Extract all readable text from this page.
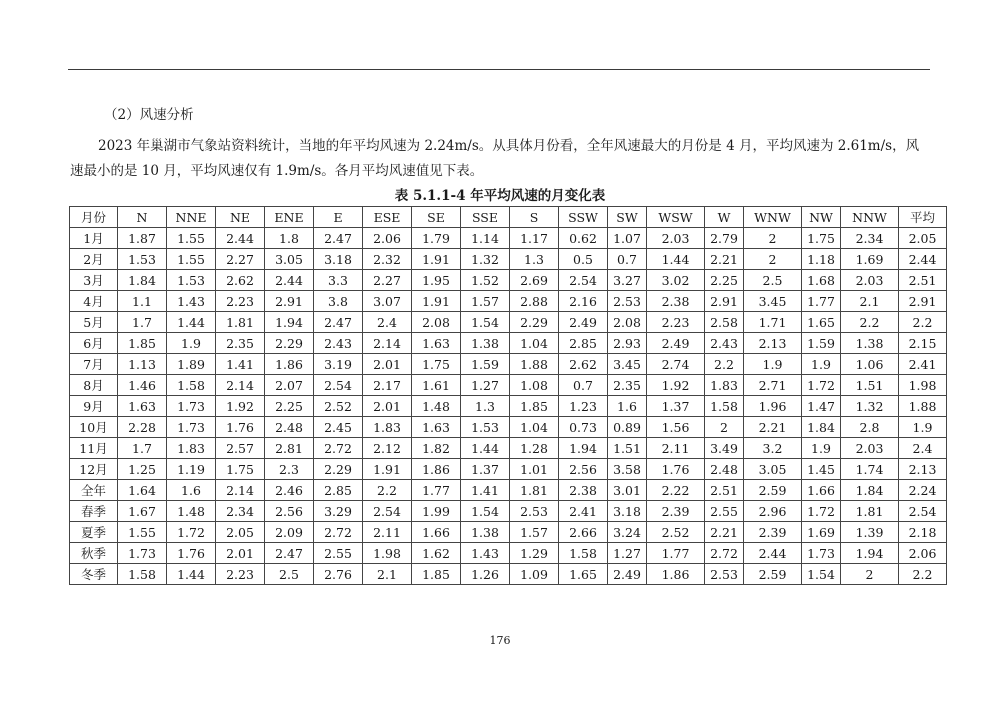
（2）风速分析
2023 年巢湖市气象站资料统计，当地的年平均风速为 2.24m/s。从具体月份看，全年风速最大的月份是 4 月，平均风速为 2.61m/s，风速最小的是 10 月，平均风速仅有 1.9m/s。各月平均风速值见下表。
表 5.1.1-4 年平均风速的月变化表
月份	N	NNE	NE	ENE	E	ESE	SE	SSE	S	SSW	SW	WSW	W	WNW	NW	NNW	平均
1月	1.87	1.55	2.44	1.8	2.47	2.06	1.79	1.14	1.17	0.62	1.07	2.03	2.79	2	1.75	2.34	2.05
2月	1.53	1.55	2.27	3.05	3.18	2.32	1.91	1.32	1.3	0.5	0.7	1.44	2.21	2	1.18	1.69	2.44
3月	1.84	1.53	2.62	2.44	3.3	2.27	1.95	1.52	2.69	2.54	3.27	3.02	2.25	2.5	1.68	2.03	2.51
4月	1.1	1.43	2.23	2.91	3.8	3.07	1.91	1.57	2.88	2.16	2.53	2.38	2.91	3.45	1.77	2.1	2.91
5月	1.7	1.44	1.81	1.94	2.47	2.4	2.08	1.54	2.29	2.49	2.08	2.23	2.58	1.71	1.65	2.2	2.2
6月	1.85	1.9	2.35	2.29	2.43	2.14	1.63	1.38	1.04	2.85	2.93	2.49	2.43	2.13	1.59	1.38	2.15
7月	1.13	1.89	1.41	1.86	3.19	2.01	1.75	1.59	1.88	2.62	3.45	2.74	2.2	1.9	1.9	1.06	2.41
8月	1.46	1.58	2.14	2.07	2.54	2.17	1.61	1.27	1.08	0.7	2.35	1.92	1.83	2.71	1.72	1.51	1.98
9月	1.63	1.73	1.92	2.25	2.52	2.01	1.48	1.3	1.85	1.23	1.6	1.37	1.58	1.96	1.47	1.32	1.88
10月	2.28	1.73	1.76	2.48	2.45	1.83	1.63	1.53	1.04	0.73	0.89	1.56	2	2.21	1.84	2.8	1.9
11月	1.7	1.83	2.57	2.81	2.72	2.12	1.82	1.44	1.28	1.94	1.51	2.11	3.49	3.2	1.9	2.03	2.4
12月	1.25	1.19	1.75	2.3	2.29	1.91	1.86	1.37	1.01	2.56	3.58	1.76	2.48	3.05	1.45	1.74	2.13
全年	1.64	1.6	2.14	2.46	2.85	2.2	1.77	1.41	1.81	2.38	3.01	2.22	2.51	2.59	1.66	1.84	2.24
春季	1.67	1.48	2.34	2.56	3.29	2.54	1.99	1.54	2.53	2.41	3.18	2.39	2.55	2.96	1.72	1.81	2.54
夏季	1.55	1.72	2.05	2.09	2.72	2.11	1.66	1.38	1.57	2.66	3.24	2.52	2.21	2.39	1.69	1.39	2.18
秋季	1.73	1.76	2.01	2.47	2.55	1.98	1.62	1.43	1.29	1.58	1.27	1.77	2.72	2.44	1.73	1.94	2.06
冬季	1.58	1.44	2.23	2.5	2.76	2.1	1.85	1.26	1.09	1.65	2.49	1.86	2.53	2.59	1.54	2	2.2
176
